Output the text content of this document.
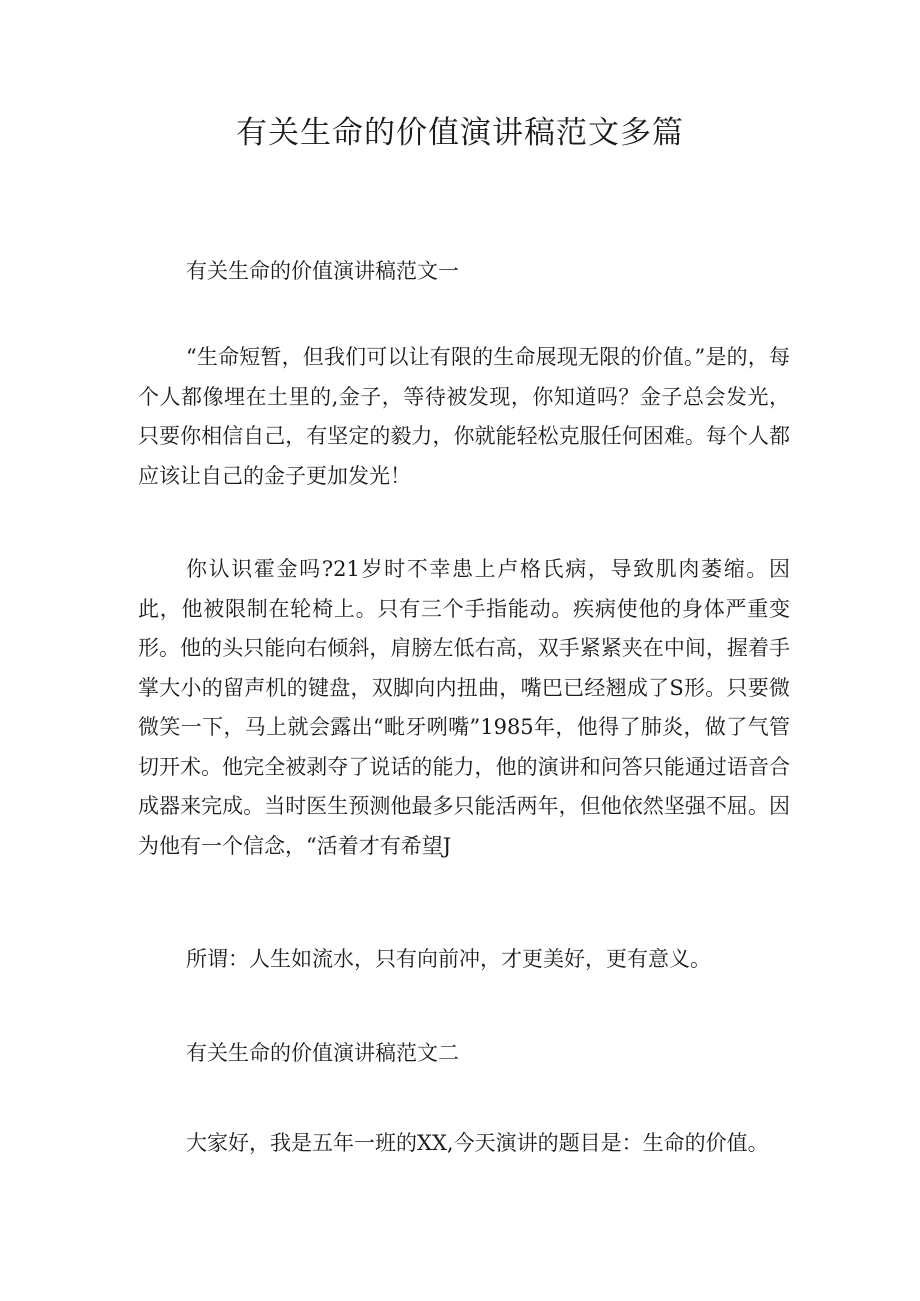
有关生命的价值演讲稿范文多篇

有关生命的价值演讲稿范文一

“生命短暂，但我们可以让有限的生命展现无限的价值。”是的，每个人都像埋在土里的,金子，等待被发现，你知道吗？金子总会发光，只要你相信自己，有坚定的毅力，你就能轻松克服任何困难。每个人都应该让自己的金子更加发光！

你认识霍金吗?21岁时不幸患上卢格氏病，导致肌肉萎缩。因此，他被限制在轮椅上。只有三个手指能动。疾病使他的身体严重变形。他的头只能向右倾斜，肩膀左低右高，双手紧紧夹在中间，握着手掌大小的留声机的键盘，双脚向内扭曲，嘴巴已经翘成了S形。只要微微笑一下，马上就会露出“毗牙咧嘴”1985年，他得了肺炎，做了气管切开术。他完全被剥夺了说话的能力，他的演讲和问答只能通过语音合成器来完成。当时医生预测他最多只能活两年，但他依然坚强不屈。因为他有一个信念，“活着才有希望J

所谓：人生如流水，只有向前冲，才更美好，更有意义。

有关生命的价值演讲稿范文二

大家好，我是五年一班的XX,今天演讲的题目是：生命的价值。
